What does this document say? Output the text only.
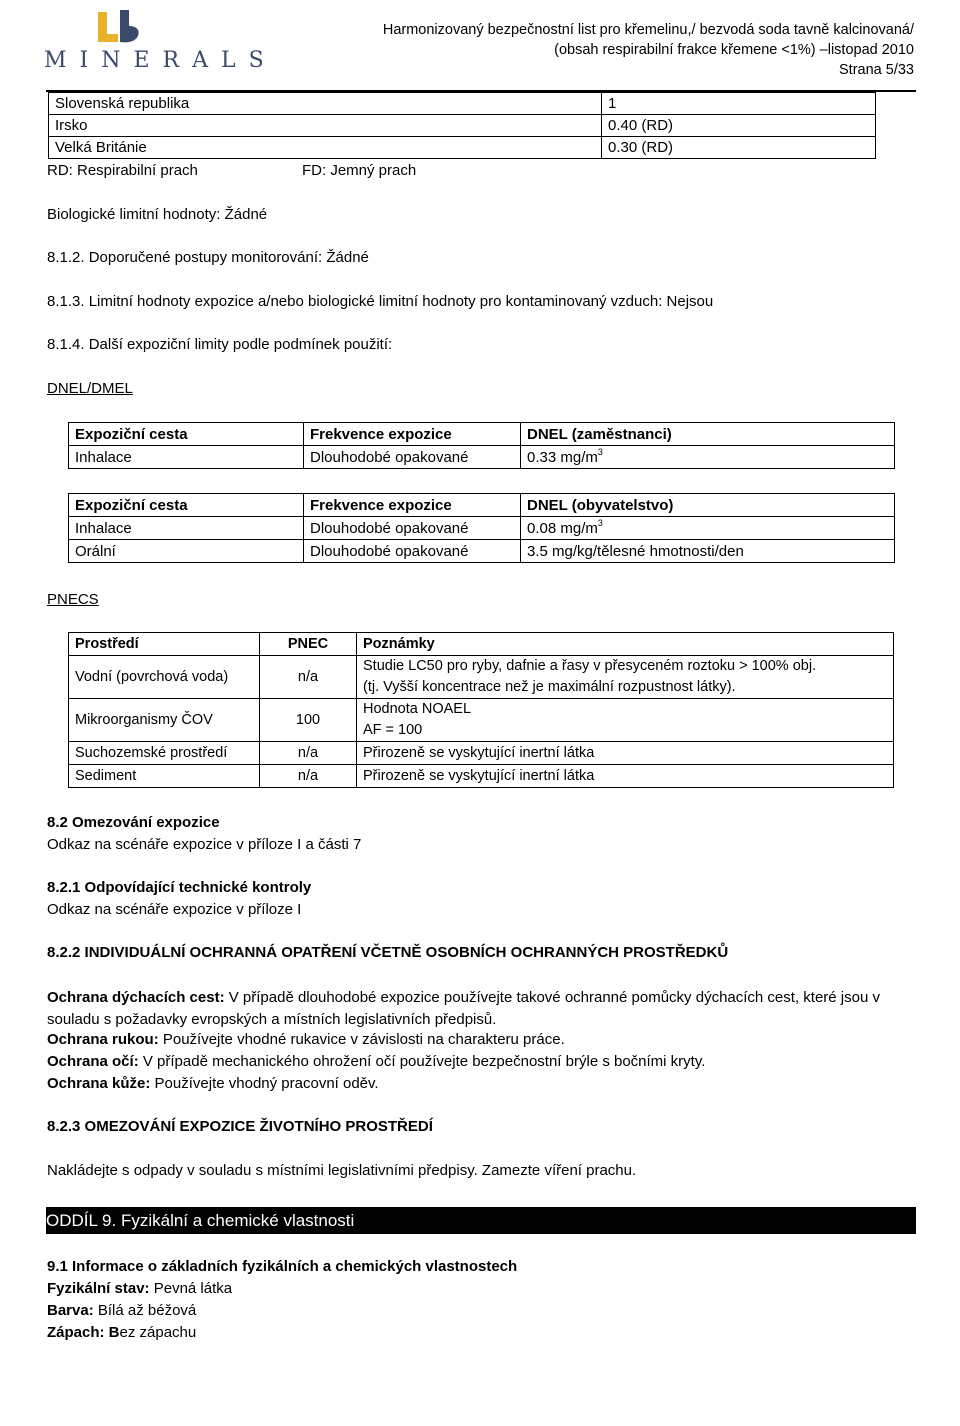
MINERALS
Harmonizovaný bezpečnostní list pro křemelinu,/ bezvodá soda tavně kalcinovaná/
(obsah respirabilní frakce křemene <1%) –listopad 2010
Strana 5/33
Slovenská republika	1
Irsko	0.40 (RD)
Velká Británie	0.30 (RD)
RD: Respirabilní prach	FD: Jemný prach
Biologické limitní hodnoty: Žádné
8.1.2. Doporučené postupy monitorování: Žádné
8.1.3. Limitní hodnoty expozice a/nebo biologické limitní hodnoty pro kontaminovaný vzduch: Nejsou
8.1.4. Další expoziční limity podle podmínek použití:
DNEL/DMEL
Expoziční cesta	Frekvence expozice	DNEL (zaměstnanci)
Inhalace	Dlouhodobé opakované	0.33 $mg/m^3$
Expoziční cesta	Frekvence expozice	DNEL (obyvatelstvo)
Inhalace	Dlouhodobé opakované	0.08 $mg/m^3$
Orální	Dlouhodobé opakované	3.5 mg/kg/tělesné hmotnosti/den
PNECS
Prostředí	PNEC	Poznámky
Vodní (povrchová voda)	n/a	Studie LC50 pro ryby, dafnie a řasy v přesyceném roztoku > 100% obj.
(tj. Vyšší koncentrace než je maximální rozpustnost látky).

Mikroorganismy ČOV	100	Hodnota NOAEL
AF = 100

Suchozemské prostředí	n/a	Přirozeně se vyskytující inertní látka
Sediment	n/a	Přirozeně se vyskytující inertní látka
8.2 Omezování expozice
Odkaz na scénáře expozice v příloze I a části 7
8.2.1 Odpovídající technické kontroly
Odkaz na scénáře expozice v příloze I
8.2.2 INDIVIDUÁLNÍ OCHRANNÁ OPATŘENÍ VČETNĚ OSOBNÍCH OCHRANNÝCH PROSTŘEDKŮ
Ochrana dýchacích cest: V případě dlouhodobé expozice používejte takové ochranné pomůcky dýchacích cest, které jsou v souladu s požadavky evropských a místních legislativních předpisů.
Ochrana rukou: Používejte vhodné rukavice v závislosti na charakteru práce.
Ochrana očí: V případě mechanického ohrožení očí používejte bezpečnostní brýle s bočními kryty.
Ochrana kůže: Používejte vhodný pracovní oděv.
8.2.3 OMEZOVÁNÍ EXPOZICE ŽIVOTNÍHO PROSTŘEDÍ
Nakládejte s odpady v souladu s místními legislativními předpisy. Zamezte víření prachu.
ODDÍL 9. Fyzikální a chemické vlastnosti
9.1 Informace o základních fyzikálních a chemických vlastnostech
Fyzikální stav: Pevná látka
Barva: Bílá až béžová
Zápach: Bez zápachu
